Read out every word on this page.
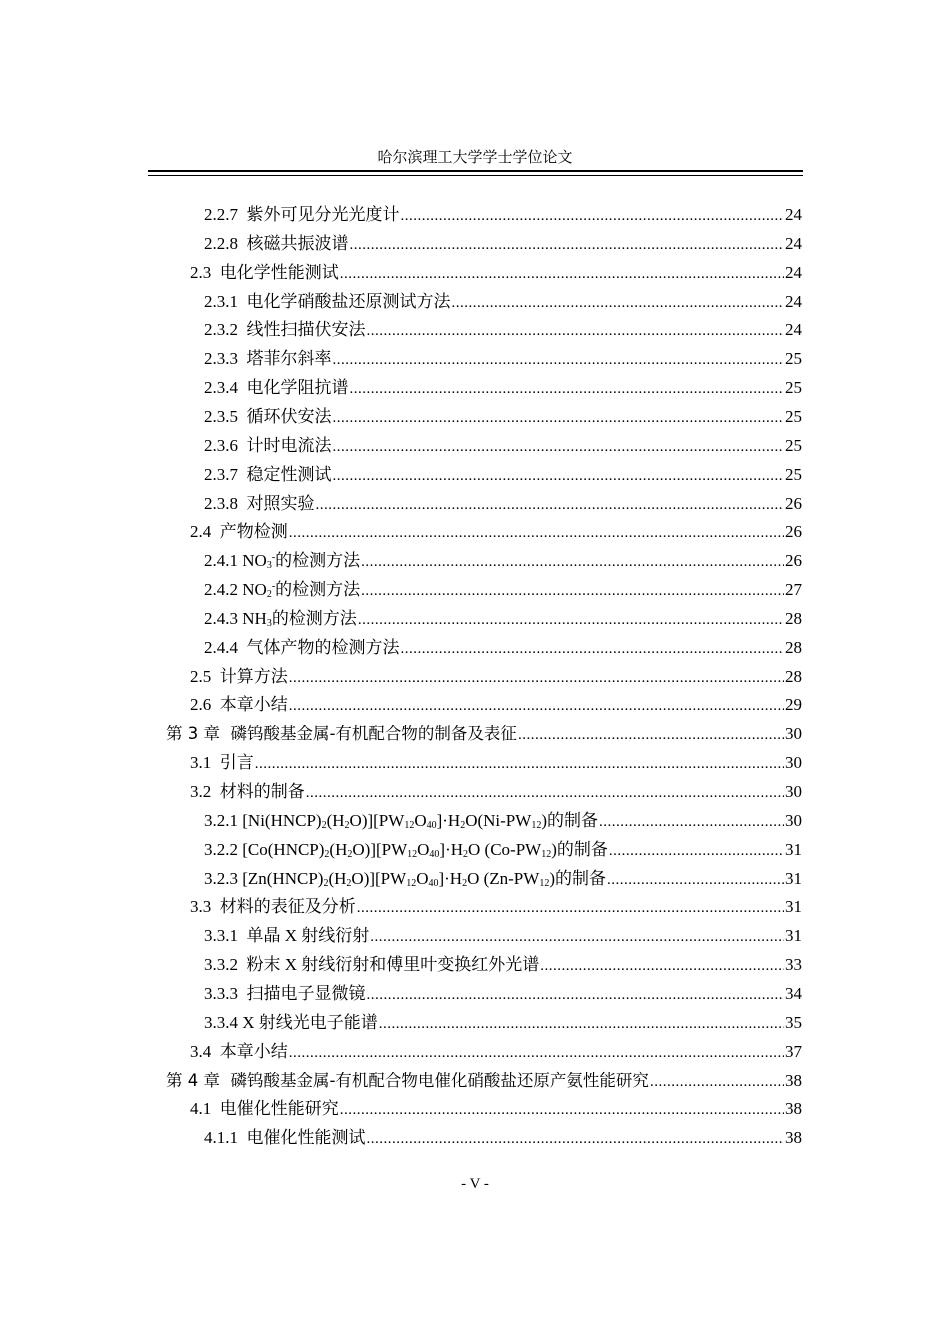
哈尔滨理工大学学士学位论文
2.2.7  紫外可见分光光度计 .....	24
2.2.8  核磁共振波谱 .....	24
2.3  电化学性能测试 .....	24
2.3.1  电化学硝酸盐还原测试方法 .....	24
2.3.2  线性扫描伏安法 .....	24
2.3.3  塔菲尔斜率 .....	25
2.3.4  电化学阻抗谱 .....	25
2.3.5  循环伏安法 .....	25
2.3.6  计时电流法 .....	25
2.3.7  稳定性测试 .....	25
2.3.8  对照实验 .....	26
2.4  产物检测 .....	26
2.4.1 $NO_3^-$的检测方法 .....	26
2.4.2 $NO_2^-$的检测方法 .....	27
2.4.3 $NH_3$的检测方法 .....	28
2.4.4  气体产物的检测方法 .....	28
2.5  计算方法 .....	28
2.6  本章小结 .....	29
第 3 章  磷钨酸基金属-有机配合物的制备及表征 .....	30
3.1  引言 .....	30
3.2  材料的制备 .....	30
3.2.1 $[Ni(HNCP)_2(H_2O)][PW_{12}O_{40}]\cdot H_2O(Ni-PW_{12})$的制备 .....	30
3.2.2 $[Co(HNCP)_2(H_2O)][PW_{12}O_{40}]\cdot H_2O$ $(Co-PW_{12})$的制备 .....	31
3.2.3 $[Zn(HNCP)_2(H_2O)][PW_{12}O_{40}]\cdot H_2O$ $(Zn-PW_{12})$的制备 .....	31
3.3  材料的表征及分析 .....	31
3.3.1  单晶 X 射线衍射 .....	31
3.3.2  粉末 X 射线衍射和傅里叶变换红外光谱 .....	33
3.3.3  扫描电子显微镜 .....	34
3.3.4 X 射线光电子能谱 .....	35
3.4  本章小结 .....	37
第 4 章  磷钨酸基金属-有机配合物电催化硝酸盐还原产氨性能研究 .....	38
4.1  电催化性能研究 .....	38
4.1.1  电催化性能测试 .....	38
- V -
